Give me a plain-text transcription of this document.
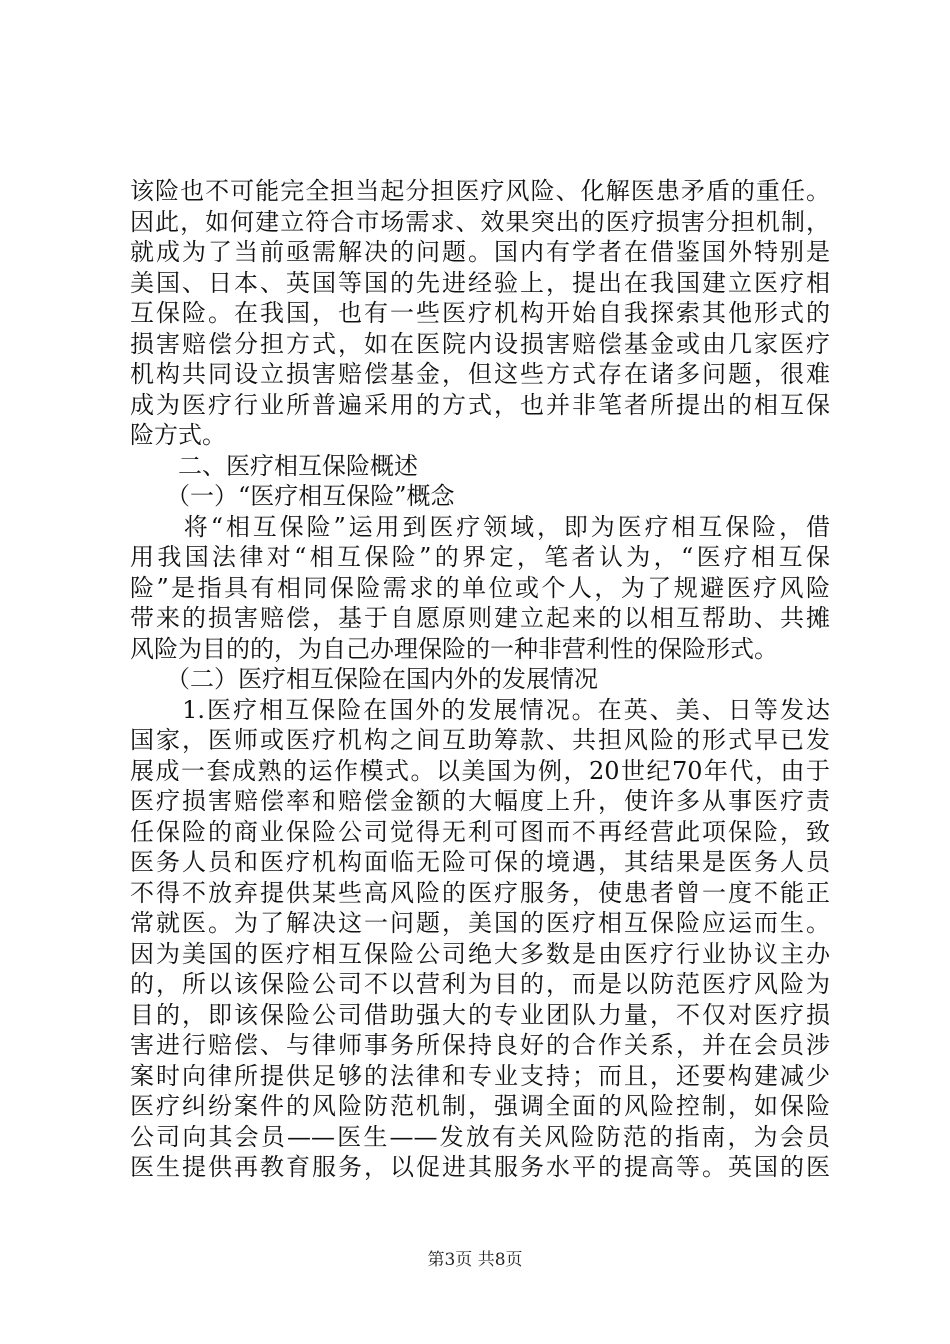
该险也不可能完全担当起分担医疗风险、化解医患矛盾的重任。
因此，如何建立符合市场需求、效果突出的医疗损害分担机制，
就成为了当前亟需解决的问题。国内有学者在借鉴国外特别是
美国、日本、英国等国的先进经验上，提出在我国建立医疗相
互保险。在我国，也有一些医疗机构开始自我探索其他形式的
损害赔偿分担方式，如在医院内设损害赔偿基金或由几家医疗
机构共同设立损害赔偿基金，但这些方式存在诸多问题，很难
成为医疗行业所普遍采用的方式，也并非笔者所提出的相互保
险方式。
　　二、医疗相互保险概述
　　（一）“医疗相互保险”概念
　　将“相互保险”运用到医疗领域，即为医疗相互保险，借
用我国法律对“相互保险”的界定，笔者认为，“医疗相互保
险”是指具有相同保险需求的单位或个人，为了规避医疗风险
带来的损害赔偿，基于自愿原则建立起来的以相互帮助、共摊
风险为目的的，为自己办理保险的一种非营利性的保险形式。
　　（二）医疗相互保险在国内外的发展情况
　　1.医疗相互保险在国外的发展情况。在英、美、日等发达
国家，医师或医疗机构之间互助筹款、共担风险的形式早已发
展成一套成熟的运作模式。以美国为例，20世纪70年代，由于
医疗损害赔偿率和赔偿金额的大幅度上升，使许多从事医疗责
任保险的商业保险公司觉得无利可图而不再经营此项保险，致
医务人员和医疗机构面临无险可保的境遇，其结果是医务人员
不得不放弃提供某些高风险的医疗服务，使患者曾一度不能正
常就医。为了解决这一问题，美国的医疗相互保险应运而生。
因为美国的医疗相互保险公司绝大多数是由医疗行业协议主办
的，所以该保险公司不以营利为目的，而是以防范医疗风险为
目的，即该保险公司借助强大的专业团队力量，不仅对医疗损
害进行赔偿、与律师事务所保持良好的合作关系，并在会员涉
案时向律所提供足够的法律和专业支持；而且，还要构建减少
医疗纠纷案件的风险防范机制，强调全面的风险控制，如保险
公司向其会员——医生——发放有关风险防范的指南，为会员
医生提供再教育服务，以促进其服务水平的提高等。英国的医
第3页 共8页
